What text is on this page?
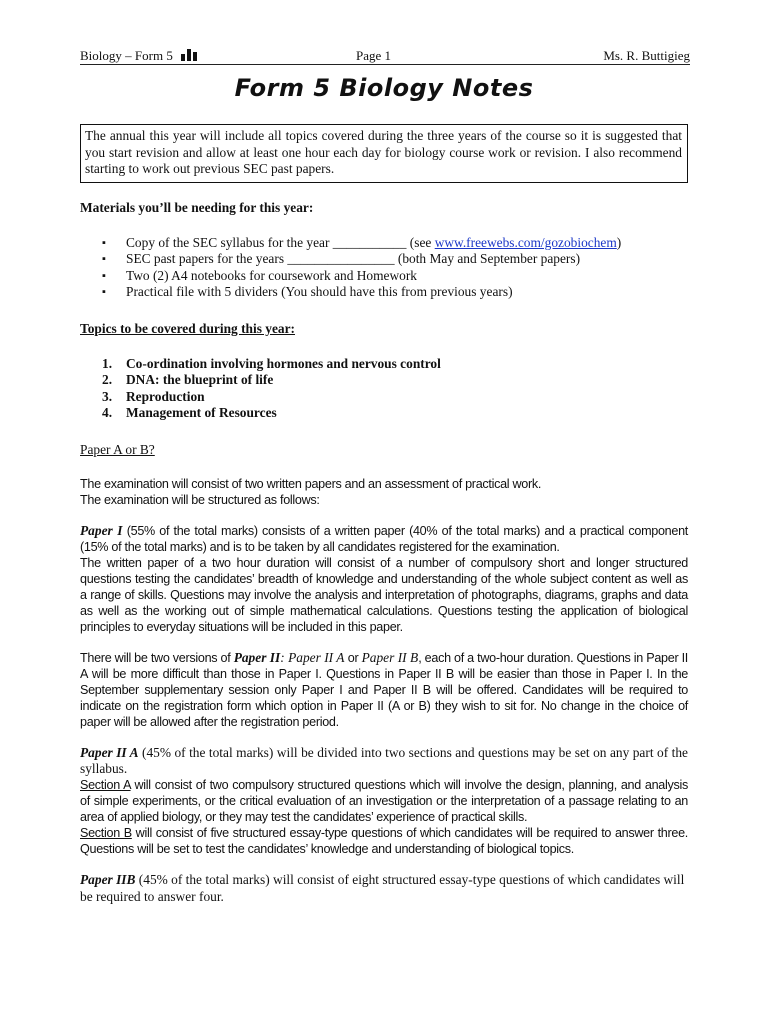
Biology – Form 5	Page 1	Ms. R. Buttigieg
Form 5 Biology Notes
The annual this year will include all topics covered during the three years of the course so it is suggested that you start revision and allow at least one hour each day for biology course work or revision. I also recommend starting to work out previous SEC past papers.

Materials you’ll be needing for this year:

▪ Copy of the SEC syllabus for the year ___________ (see www.freewebs.com/gozobiochem)
▪ SEC past papers for the years ________________ (both May and September papers)
▪ Two (2) A4 notebooks for coursework and Homework
▪ Practical file with 5 dividers (You should have this from previous years)

Topics to be covered during this year:

1. Co-ordination involving hormones and nervous control
2. DNA: the blueprint of life
3. Reproduction
4. Management of Resources

Paper A or B?

The examination will consist of two written papers and an assessment of practical work.

The examination will be structured as follows:

Paper I (55% of the total marks) consists of a written paper (40% of the total marks) and a practical component (15% of the total marks) and is to be taken by all candidates registered for the examination.

The written paper of a two hour duration will consist of a number of compulsory short and longer structured questions testing the candidates’ breadth of knowledge and understanding of the whole subject content as well as a range of skills. Questions may involve the analysis and interpretation of photographs, diagrams, graphs and data as well as the working out of simple mathematical calculations. Questions testing the application of biological principles to everyday situations will be included in this paper.

There will be two versions of Paper II: Paper II A or Paper II B, each of a two-hour duration. Questions in Paper II A will be more difficult than those in Paper I. Questions in Paper II B will be easier than those in Paper I. In the September supplementary session only Paper I and Paper II B will be offered. Candidates will be required to indicate on the registration form which option in Paper II (A or B) they wish to sit for. No change in the choice of paper will be allowed after the registration period.

Paper II A (45% of the total marks) will be divided into two sections and questions may be set on any part of the syllabus.

Section A will consist of two compulsory structured questions which will involve the design, planning, and analysis of simple experiments, or the critical evaluation of an investigation or the interpretation of a passage relating to an area of applied biology, or they may test the candidates’ experience of practical skills.

Section B will consist of five structured essay-type questions of which candidates will be required to answer three. Questions will be set to test the candidates’ knowledge and understanding of biological topics.

Paper IIB (45% of the total marks) will consist of eight structured essay-type questions of which candidates will be required to answer four.
